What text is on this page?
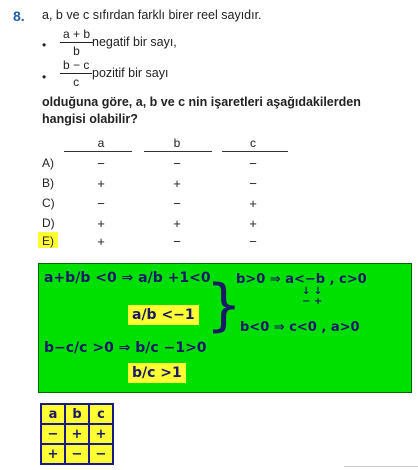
8. a, b ve c sıfırdan farklı birer reel sayıdır.
• $\frac{a + b}{b}$
negatif bir sayı,
• $\frac{b - c}{c}$ pozitif bir sayı
olduğuna göre, a, b ve c nin işaretleri aşağıdakilerden hangisi olabilir?
a	b	c
A)	−	−	−
B)	+	+	−
C)	−	−	+
D)	+	+	+
E)	+	−	−
a+b/b <0 ⇒ a/b +1<0
a/b <−1
b−c/c >0 ⇒ b/c −1>0
b/c >1
}
b>0 ⇒ a<−b , c>0
↓ ↓
− +
b<0 ⇒ c<0 , a>0
a	b	c
−	+	+
+	−	−
